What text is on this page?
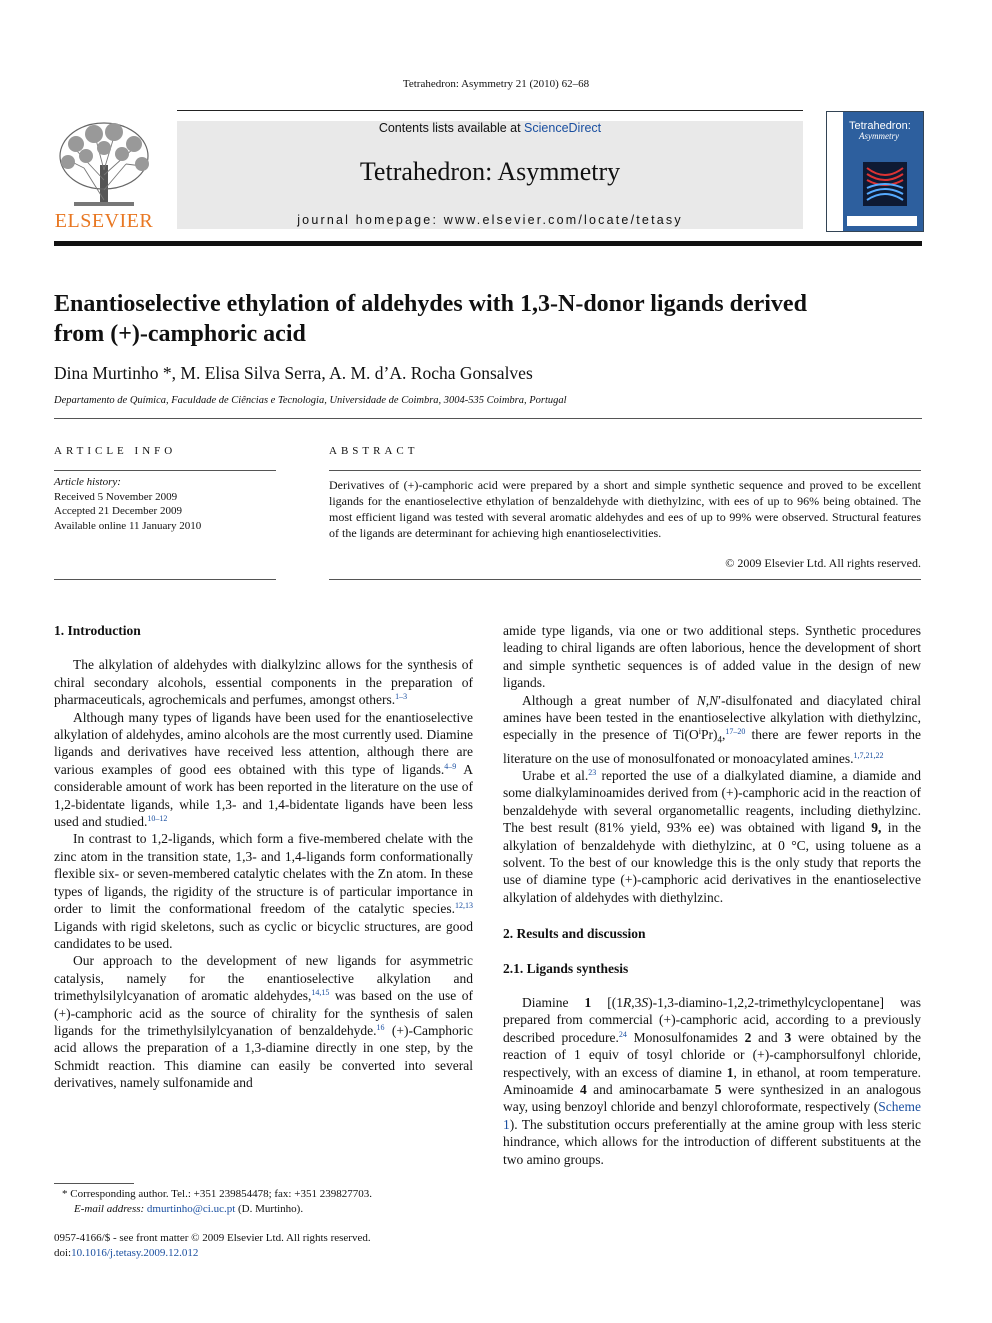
Tetrahedron: Asymmetry 21 (2010) 62–68
ELSEVIER
Contents lists available at ScienceDirect
Tetrahedron: Asymmetry
journal homepage: www.elsevier.com/locate/tetasy
Tetrahedron:
Asymmetry
Enantioselective ethylation of aldehydes with 1,3-N-donor ligands derived
from (+)-camphoric acid
Dina Murtinho *, M. Elisa Silva Serra, A. M. d’A. Rocha Gonsalves
Departamento de Química, Faculdade de Ciências e Tecnologia, Universidade de Coimbra, 3004-535 Coimbra, Portugal
ARTICLE INFO
Article history:
Received 5 November 2009
Accepted 21 December 2009
Available online 11 January 2010
ABSTRACT
Derivatives of (+)-camphoric acid were prepared by a short and simple synthetic sequence and proved to be excellent ligands for the enantioselective ethylation of benzaldehyde with diethylzinc, with ees of up to 96% being obtained. The most efficient ligand was tested with several aromatic aldehydes and ees of up to 99% were observed. Structural features of the ligands are determinant for achieving high enantioselectivities.
© 2009 Elsevier Ltd. All rights reserved.
1. Introduction

The alkylation of aldehydes with dialkylzinc allows for the synthesis of chiral secondary alcohols, essential components in the preparation of pharmaceuticals, agrochemicals and perfumes, amongst others.$^{1-3}$

Although many types of ligands have been used for the enantioselective alkylation of aldehydes, amino alcohols are the most currently used. Diamine ligands and derivatives have received less attention, although there are various examples of good ees obtained with this type of ligands.$^{4-9}$ A considerable amount of work has been reported in the literature on the use of 1,2-bidentate ligands, while 1,3- and 1,4-bidentate ligands have been less used and studied.$^{10-12}$

In contrast to 1,2-ligands, which form a five-membered chelate with the zinc atom in the transition state, 1,3- and 1,4-ligands form conformationally flexible six- or seven-membered catalytic chelates with the Zn atom. In these types of ligands, the rigidity of the structure is of particular importance in order to limit the conformational freedom of the catalytic species.$^{12,13}$ Ligands with rigid skeletons, such as cyclic or bicyclic structures, are good candidates to be used.

Our approach to the development of new ligands for asymmetric catalysis, namely for the enantioselective alkylation and trimethylsilylcyanation of aromatic aldehydes,$^{14,15}$ was based on the use of (+)-camphoric acid as the source of chirality for the synthesis of salen ligands for the trimethylsilylcyanation of benzaldehyde.$^{16}$ (+)-Camphoric acid allows the preparation of a 1,3-diamine directly in one step, by the Schmidt reaction. This diamine can easily be converted into several derivatives, namely sulfonamide and

amide type ligands, via one or two additional steps. Synthetic procedures leading to chiral ligands are often laborious, hence the development of short and simple synthetic sequences is of added value in the design of new ligands.

Although a great number of N,N′-disulfonated and diacylated chiral amines have been tested in the enantioselective alkylation with diethylzinc, especially in the presence of $Ti(O^iPr)_4,^{17-20}$ there are fewer reports in the literature on the use of monosulfonated or monoacylated amines.$^{1,7,21,22}$

Urabe et al.$^{23}$ reported the use of a dialkylated diamine, a diamide and some dialkylaminoamides derived from (+)-camphoric acid in the reaction of benzaldehyde with several organometallic reagents, including diethylzinc. The best result (81% yield, 93% ee) was obtained with ligand 9, in the alkylation of benzaldehyde with diethylzinc, at 0 °C, using toluene as a solvent. To the best of our knowledge this is the only study that reports the use of diamine type (+)-camphoric acid derivatives in the enantioselective alkylation of aldehydes with diethylzinc.

2. Results and discussion
2.1. Ligands synthesis

Diamine 1 [(1R,3S)-1,3-diamino-1,2,2-trimethylcyclopentane] was prepared from commercial (+)-camphoric acid, according to a previously described procedure.$^{24}$ Monosulfonamides 2 and 3 were obtained by the reaction of 1 equiv of tosyl chloride or (+)-camphorsulfonyl chloride, respectively, with an excess of diamine 1, in ethanol, at room temperature. Aminoamide 4 and aminocarbamate 5 were synthesized in an analogous way, using benzoyl chloride and benzyl chloroformate, respectively (Scheme 1). The substitution occurs preferentially at the amine group with less steric hindrance, which allows for the introduction of different substituents at the two amino groups.

* Corresponding author. Tel.: +351 239854478; fax: +351 239827703.
E-mail address: dmurtinho@ci.uc.pt (D. Murtinho).
0957-4166/$ - see front matter © 2009 Elsevier Ltd. All rights reserved.
doi:10.1016/j.tetasy.2009.12.012
